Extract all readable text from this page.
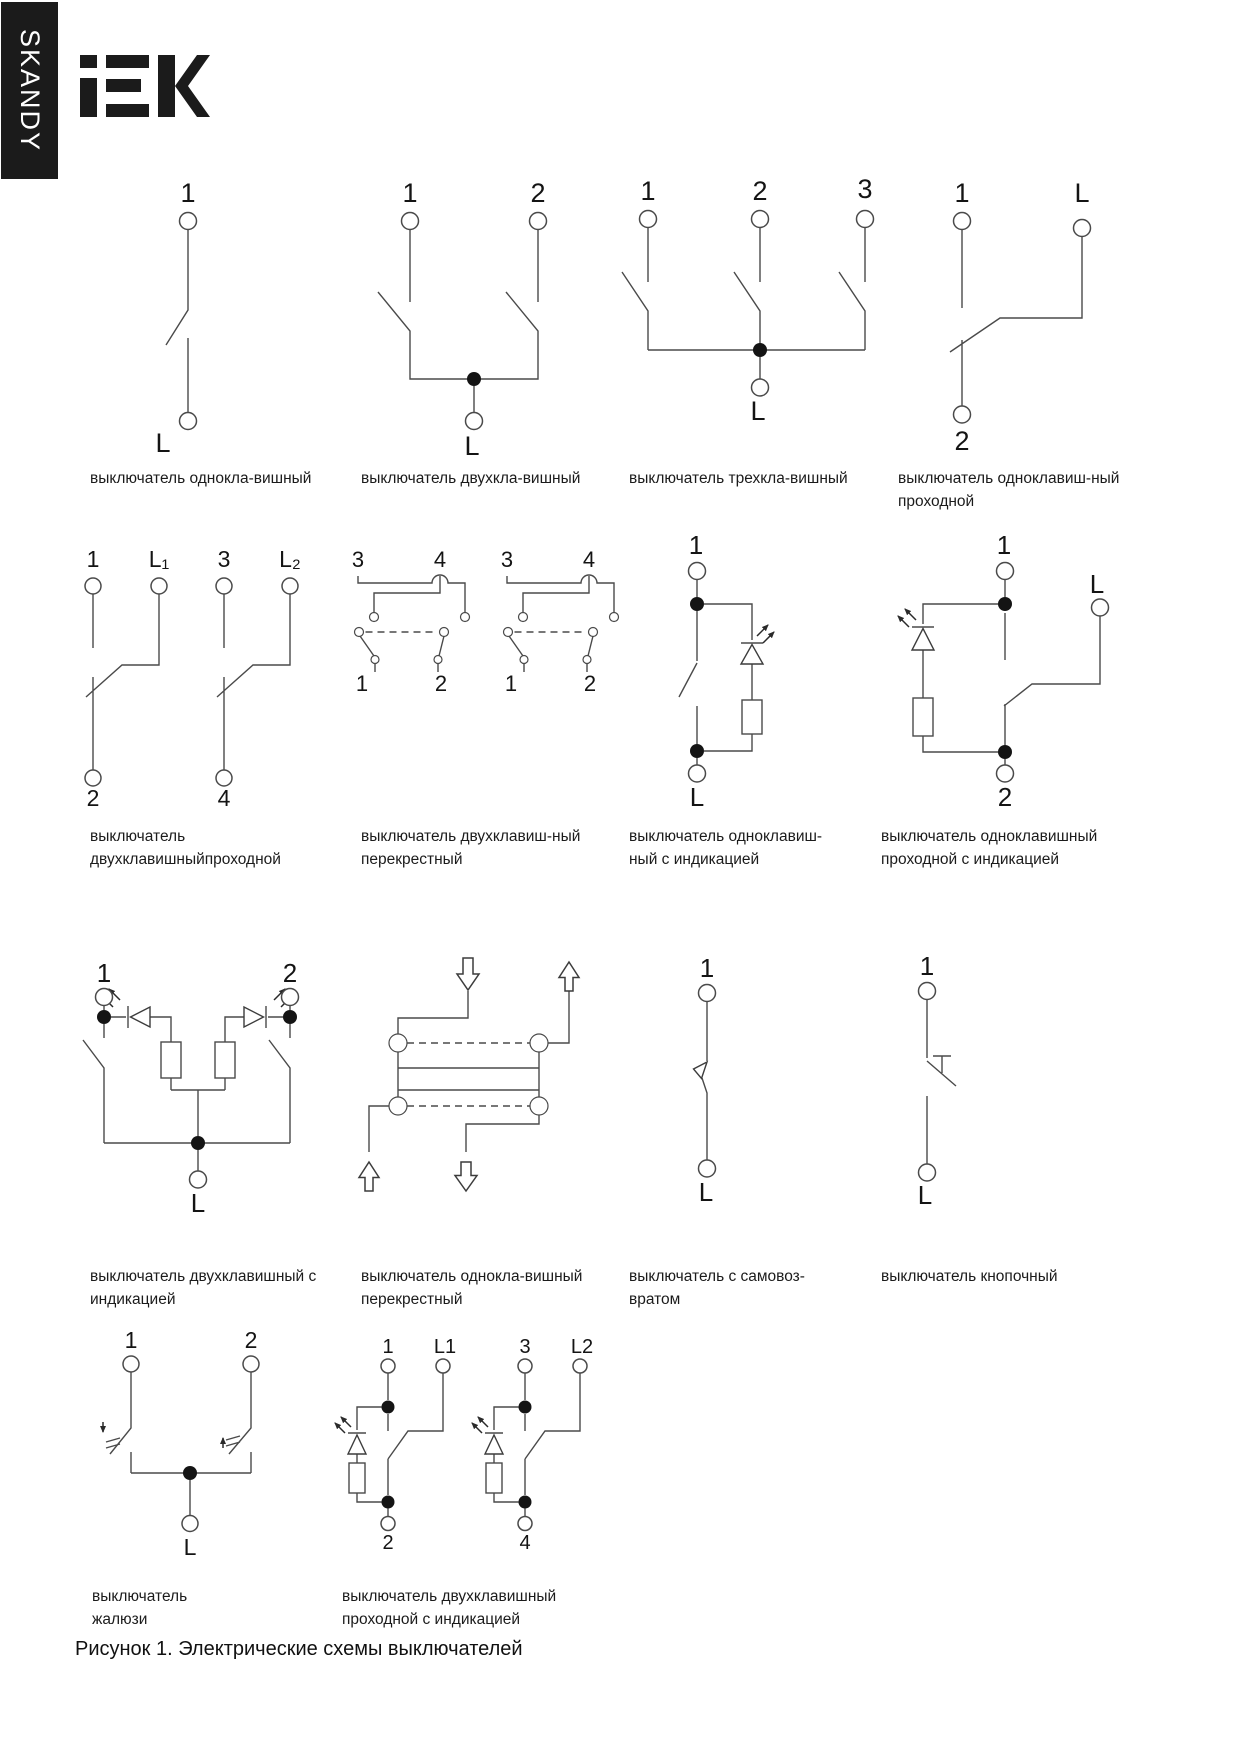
SKANDY
1
L
1	2
L
1	2	3
L
1	L
2
1 L₁ 3 L₂
2	4
3	4
1	2
3	4
1	2
1
L
1
L
2
1	2
L
1
L
1
L
1	2
L
1 L1
2
3 L2
4
выключатель однокла-вишный	выключатель двухкла-вишный	выключатель трехкла-вишный	выключатель одноклавиш-ный
проходной
выключатель
двухклавишныйпроходной
выключатель двухклавиш-ный
перекрестный
выключатель одноклавиш-
ный с индикацией
выключатель одноклавишный
проходной с индикацией
выключатель двухклавишный с
индикацией
выключатель однокла-вишный
перекрестный
выключатель с самовоз-
вратом
выключатель кнопочный
выключатель
жалюзи
выключатель двухклавишный
проходной с индикацией
Рисунок 1. Электрические схемы выключателей
